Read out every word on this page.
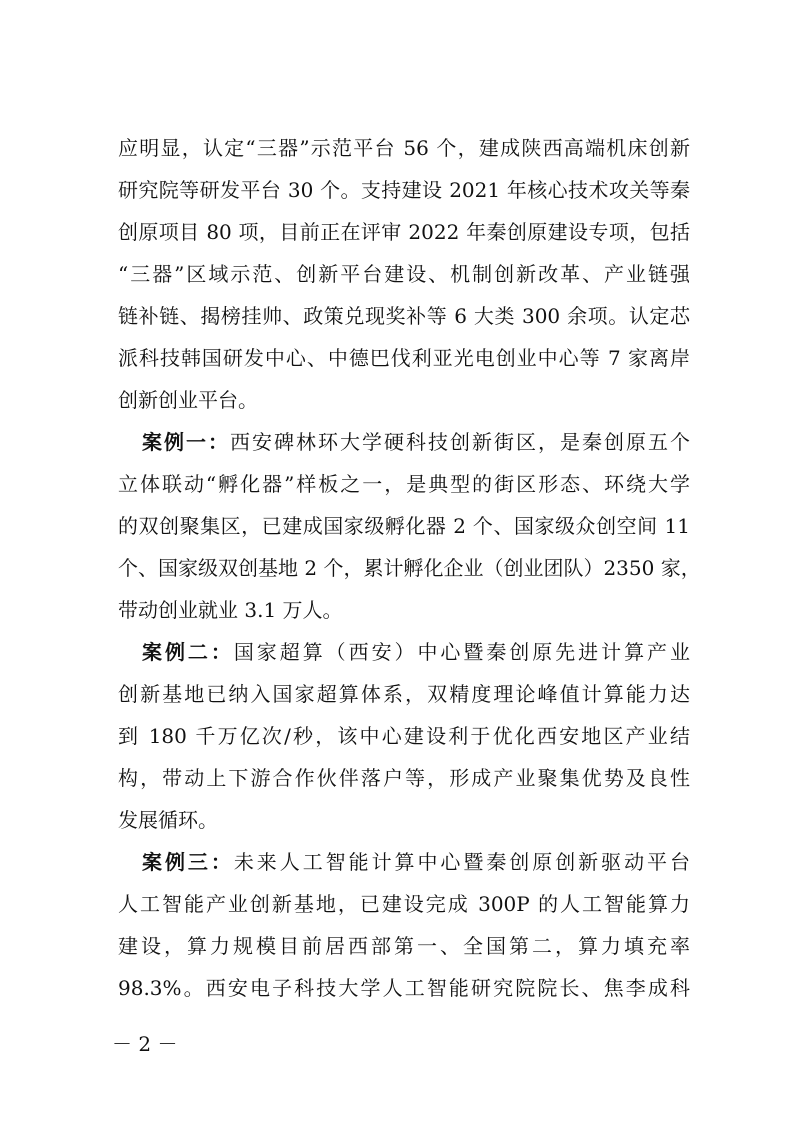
应明显，认定“三器”示范平台 56 个，建成陕西高端机床创新
研究院等研发平台 30 个。支持建设 2021 年核心技术攻关等秦
创原项目 80 项，目前正在评审 2022 年秦创原建设专项，包括
“三器”区域示范、创新平台建设、机制创新改革、产业链强
链补链、揭榜挂帅、政策兑现奖补等 6 大类 300 余项。认定芯
派科技韩国研发中心、中德巴伐利亚光电创业中心等 7 家离岸
创新创业平台。
案例一：西安碑林环大学硬科技创新街区，是秦创原五个
立体联动“孵化器”样板之一，是典型的街区形态、环绕大学
的双创聚集区，已建成国家级孵化器 2 个、国家级众创空间 11
个、国家级双创基地 2 个，累计孵化企业（创业团队）2350 家，
带动创业就业 3.1 万人。
案例二：国家超算（西安）中心暨秦创原先进计算产业
创新基地已纳入国家超算体系，双精度理论峰值计算能力达
到 180 千万亿次/秒，该中心建设利于优化西安地区产业结
构，带动上下游合作伙伴落户等，形成产业聚集优势及良性
发展循环。
案例三：未来人工智能计算中心暨秦创原创新驱动平台
人工智能产业创新基地，已建设完成 300P 的人工智能算力
建设，算力规模目前居西部第一、全国第二，算力填充率
98.3%。西安电子科技大学人工智能研究院院长、焦李成科
－ 2 －
